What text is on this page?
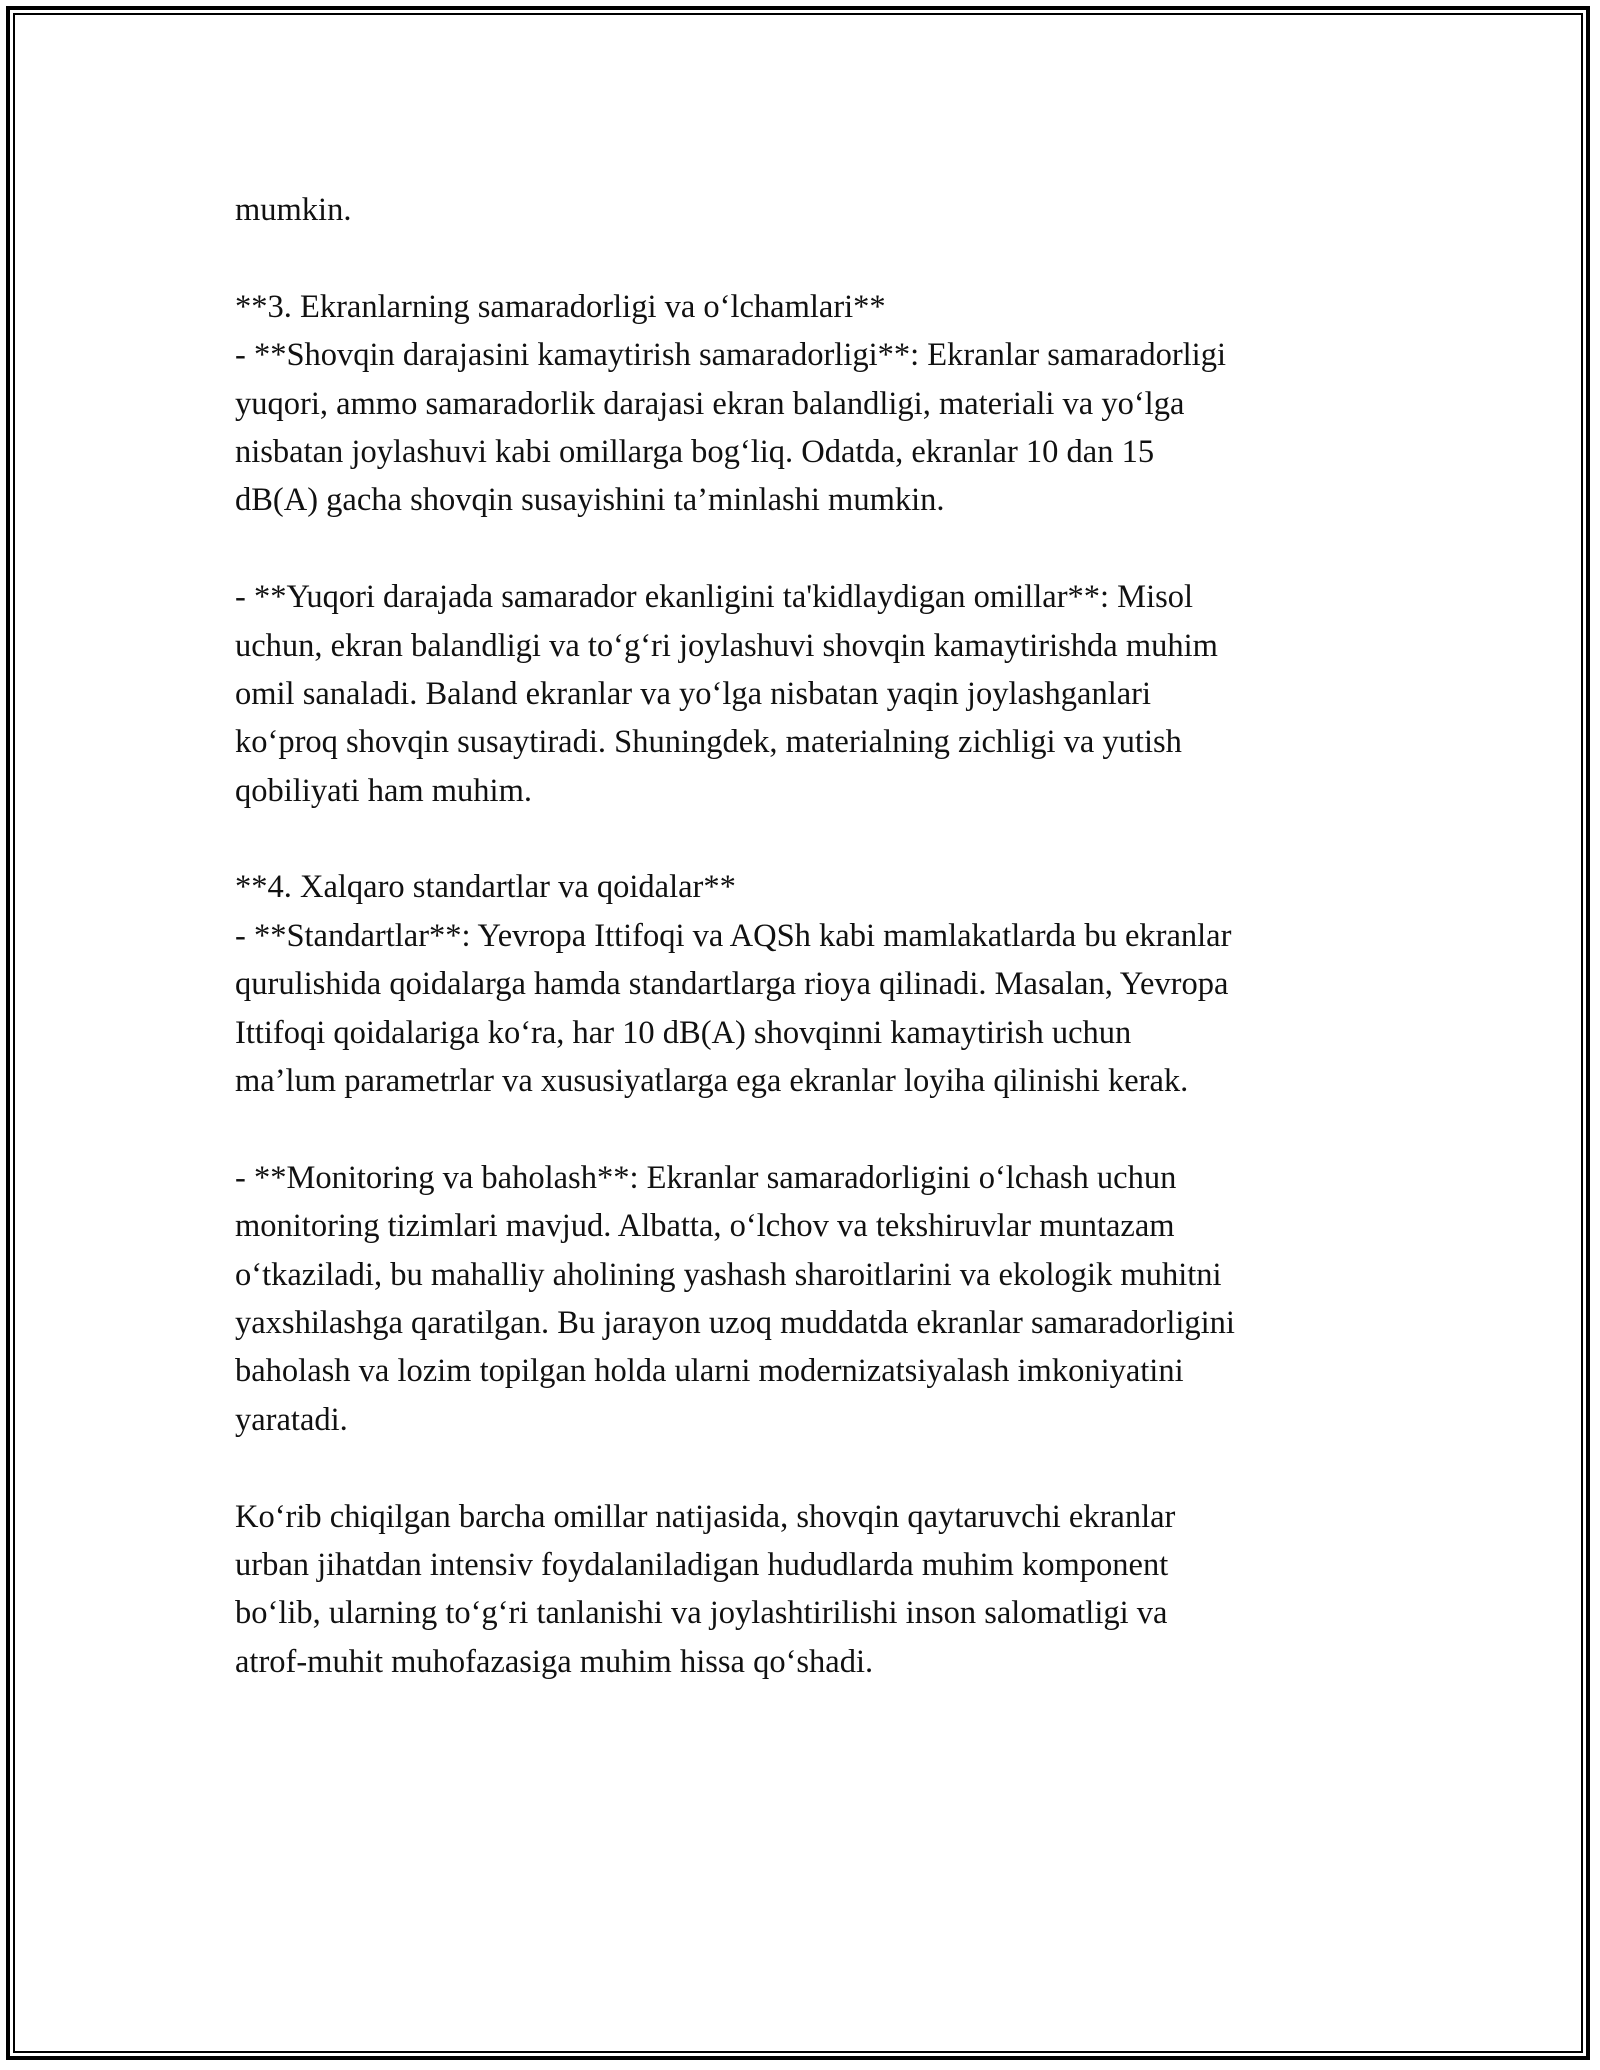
mumkin.
**3. Ekranlarning samaradorligi va o‘lchamlari**
- **Shovqin darajasini kamaytirish samaradorligi**: Ekranlar samaradorligi
yuqori, ammo samaradorlik darajasi ekran balandligi, materiali va yo‘lga
nisbatan joylashuvi kabi omillarga bog‘liq. Odatda, ekranlar 10 dan 15
dB(A) gacha shovqin susayishini ta’minlashi mumkin.
- **Yuqori darajada samarador ekanligini ta'kidlaydigan omillar**: Misol
uchun, ekran balandligi va to‘g‘ri joylashuvi shovqin kamaytirishda muhim
omil sanaladi. Baland ekranlar va yo‘lga nisbatan yaqin joylashganlari
ko‘proq shovqin susaytiradi. Shuningdek, materialning zichligi va yutish
qobiliyati ham muhim.
**4. Xalqaro standartlar va qoidalar**
- **Standartlar**: Yevropa Ittifoqi va AQSh kabi mamlakatlarda bu ekranlar
qurulishida qoidalarga hamda standartlarga rioya qilinadi. Masalan, Yevropa
Ittifoqi qoidalariga ko‘ra, har 10 dB(A) shovqinni kamaytirish uchun
ma’lum parametrlar va xususiyatlarga ega ekranlar loyiha qilinishi kerak.
- **Monitoring va baholash**: Ekranlar samaradorligini o‘lchash uchun
monitoring tizimlari mavjud. Albatta, o‘lchov va tekshiruvlar muntazam
o‘tkaziladi, bu mahalliy aholining yashash sharoitlarini va ekologik muhitni
yaxshilashga qaratilgan. Bu jarayon uzoq muddatda ekranlar samaradorligini
baholash va lozim topilgan holda ularni modernizatsiyalash imkoniyatini
yaratadi.
Ko‘rib chiqilgan barcha omillar natijasida, shovqin qaytaruvchi ekranlar
urban jihatdan intensiv foydalaniladigan hududlarda muhim komponent
bo‘lib, ularning to‘g‘ri tanlanishi va joylashtirilishi inson salomatligi va
atrof-muhit muhofazasiga muhim hissa qo‘shadi.
